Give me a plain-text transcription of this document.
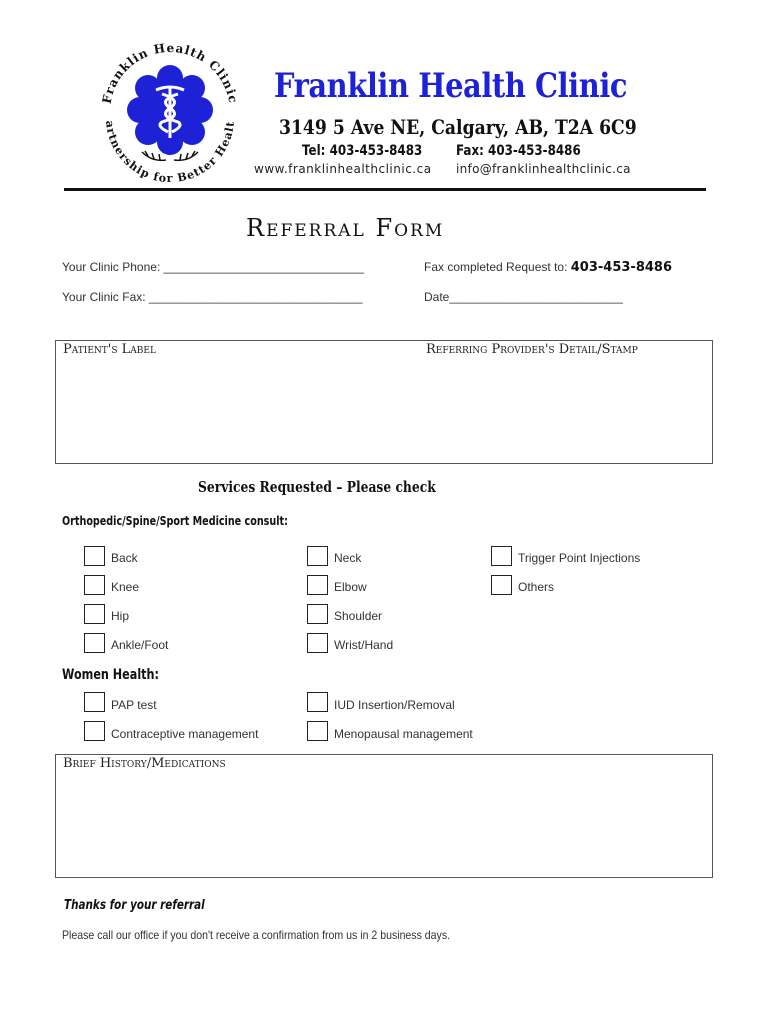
Franklin Health Clinic
artnership for Better Healt
Franklin Health Clinic
3149 5 Ave NE, Calgary, AB, T2A 6C9
Tel: 403-453-8483 Fax: 403-453-8486
www.franklinhealthclinic.ca info@franklinhealthclinic.ca
Referral Form
Your Clinic Phone: ______________________________
Your Clinic Fax: ________________________________
Fax completed Request to: 403-453-8486
Date__________________________
Patient's Label	Referring Provider's Detail/Stamp
Services Requested – Please check
Orthopedic/Spine/Sport Medicine consult:
Back
Knee
Hip
Ankle/Foot
Neck
Elbow
Shoulder
Wrist/Hand
Trigger Point Injections
Others
Women Health:
PAP test
Contraceptive management
IUD Insertion/Removal
Menopausal management
Brief History/Medications
Thanks for your referral
Please call our office if you don't receive a confirmation from us in 2 business days.
